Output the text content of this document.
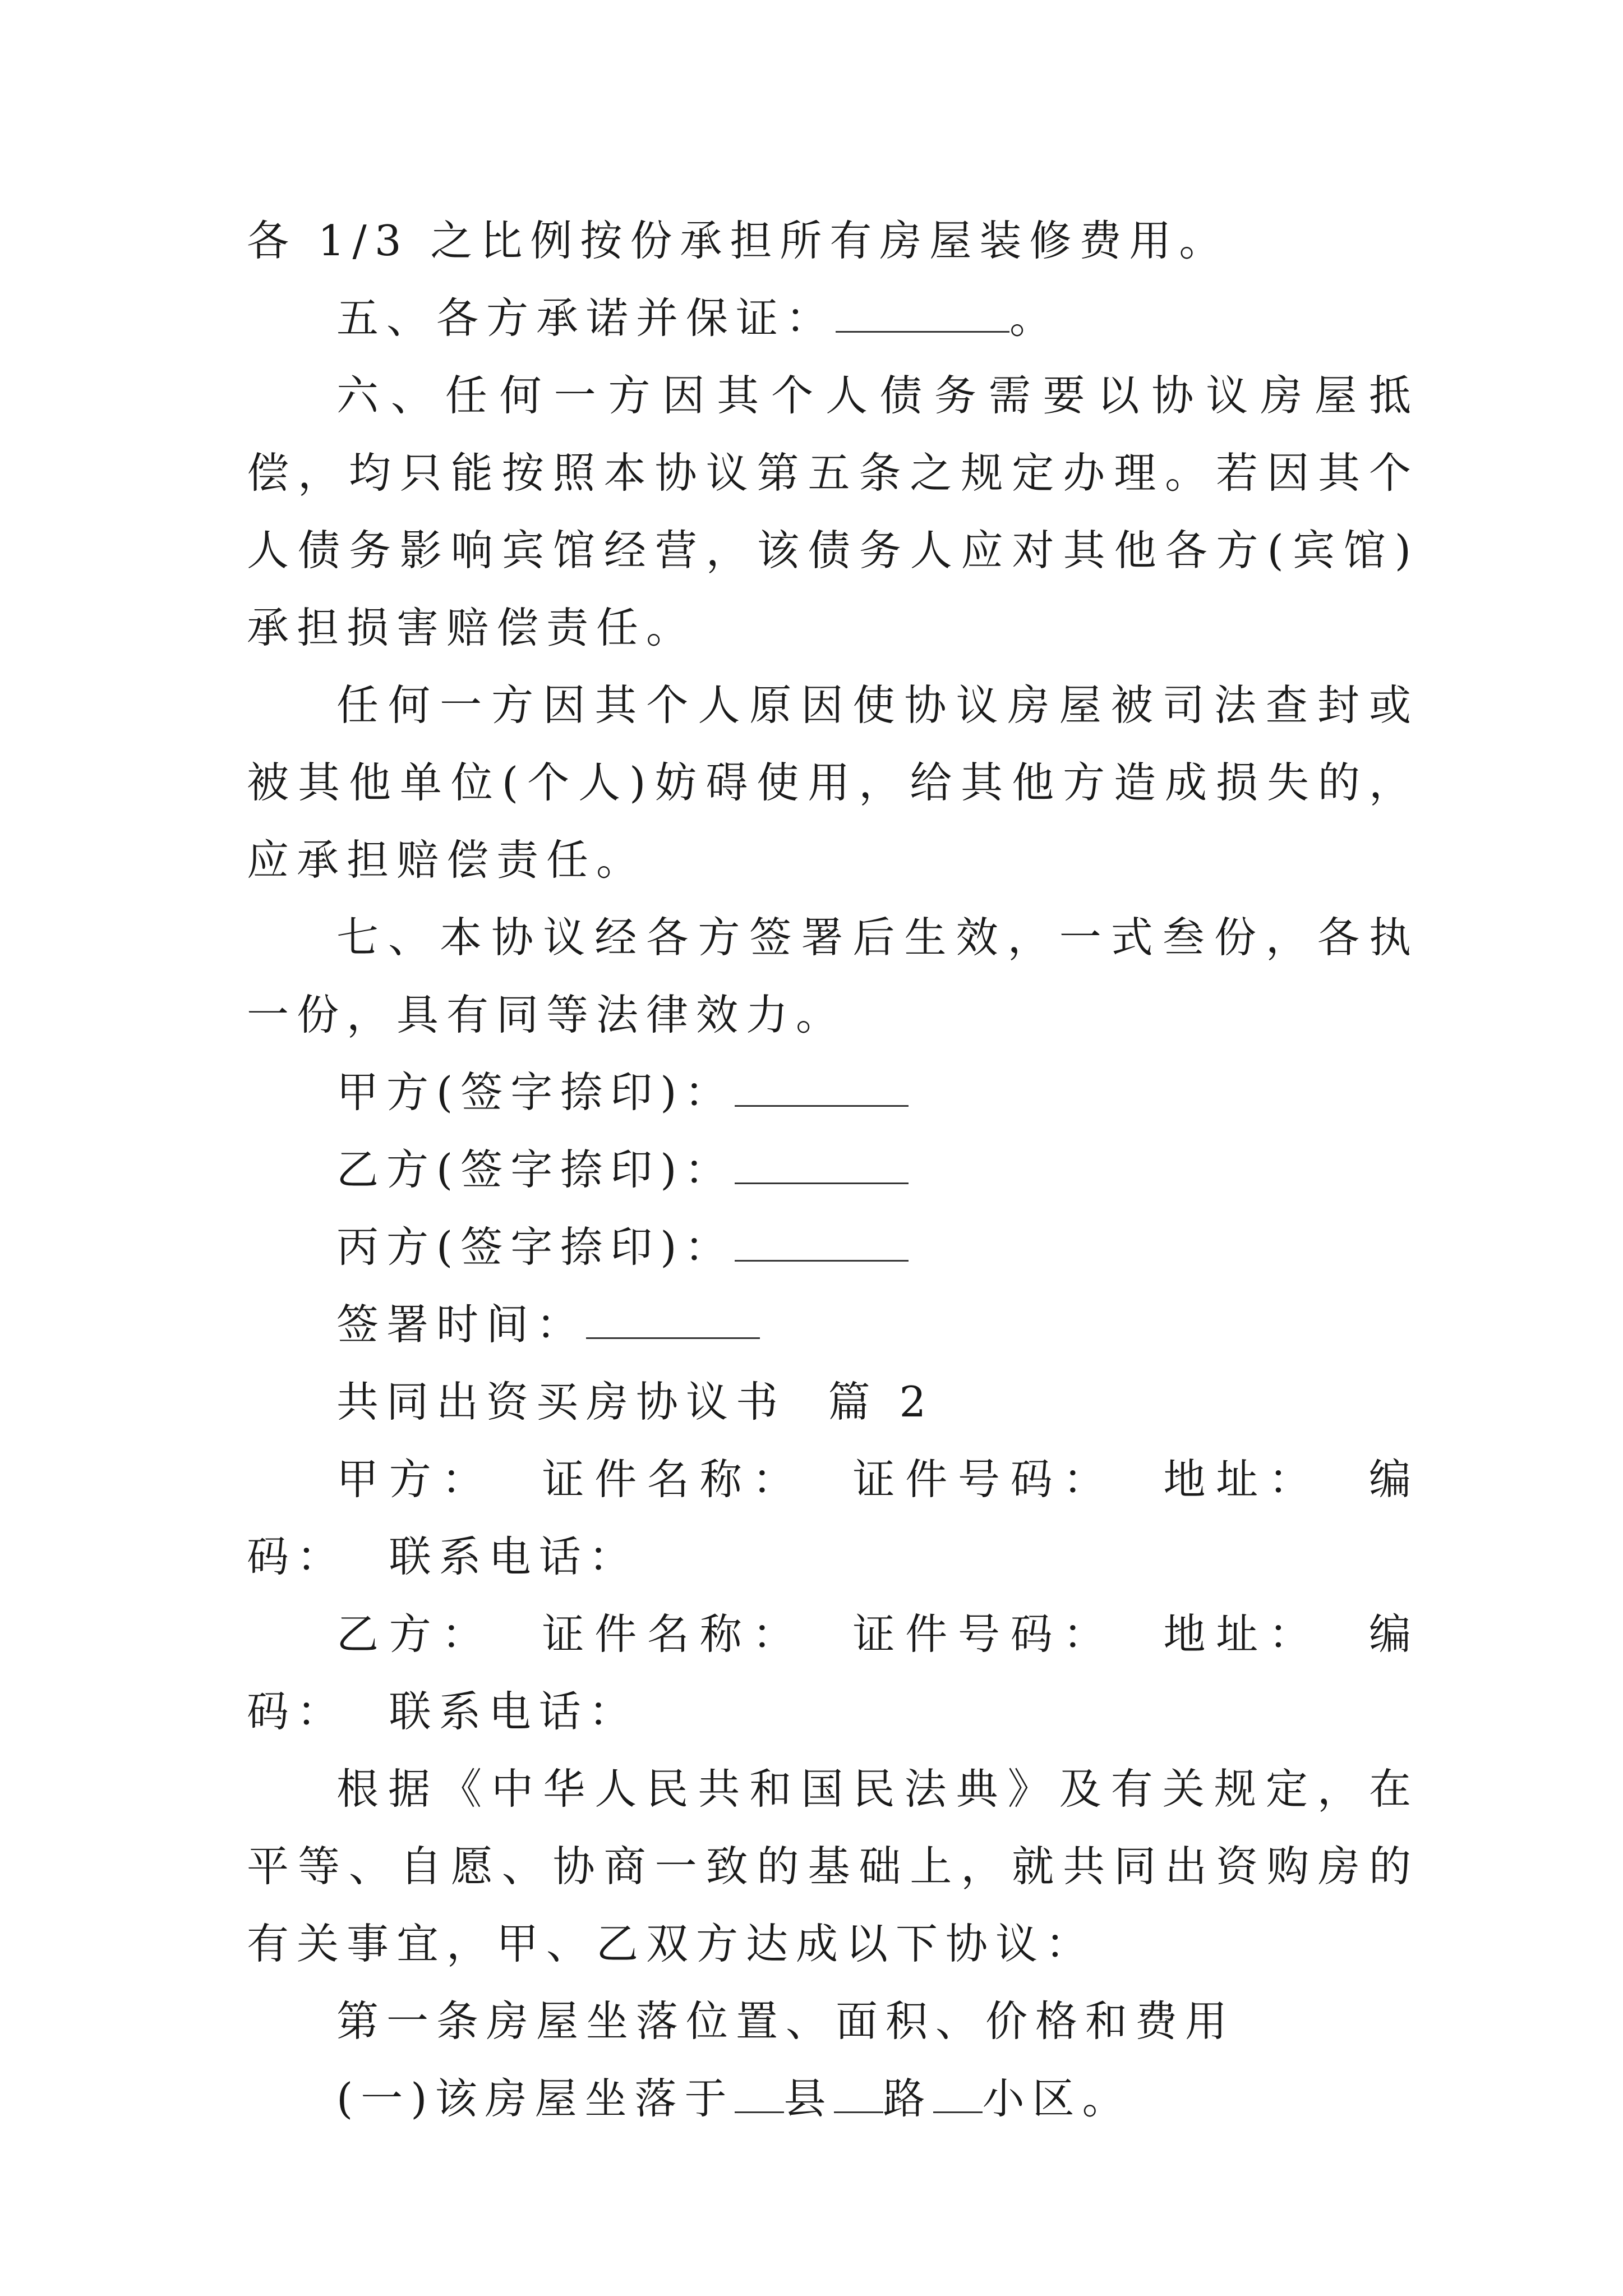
各 1/3 之比例按份承担所有房屋装修费用。

五、各方承诺并保证：	。

六、任何一方因其个人债务需要以协议房屋抵偿，均只能按照本协议第五条之规定办理。若因其个人债务影响宾馆经营，该债务人应对其他各方(宾馆)承担损害赔偿责任。

任何一方因其个人原因使协议房屋被司法查封或被其他单位(个人)妨碍使用，给其他方造成损失的，应承担赔偿责任。

七、本协议经各方签署后生效，一式叁份，各执一份，具有同等法律效力。

甲方(签字捺印)：

乙方(签字捺印)：

丙方(签字捺印)：

签署时间：

共同出资买房协议书  篇 2

甲方：  证件名称：  证件号码：  地址：  编码：  联系电话：

乙方：  证件名称：  证件号码：  地址：  编码：  联系电话：

根据《中华人民共和国民法典》及有关规定，在平等、自愿、协商一致的基础上，就共同出资购房的有关事宜，甲、乙双方达成以下协议：

第一条房屋坐落位置、面积、价格和费用

(一)该房屋坐落于 县 路 小区。
